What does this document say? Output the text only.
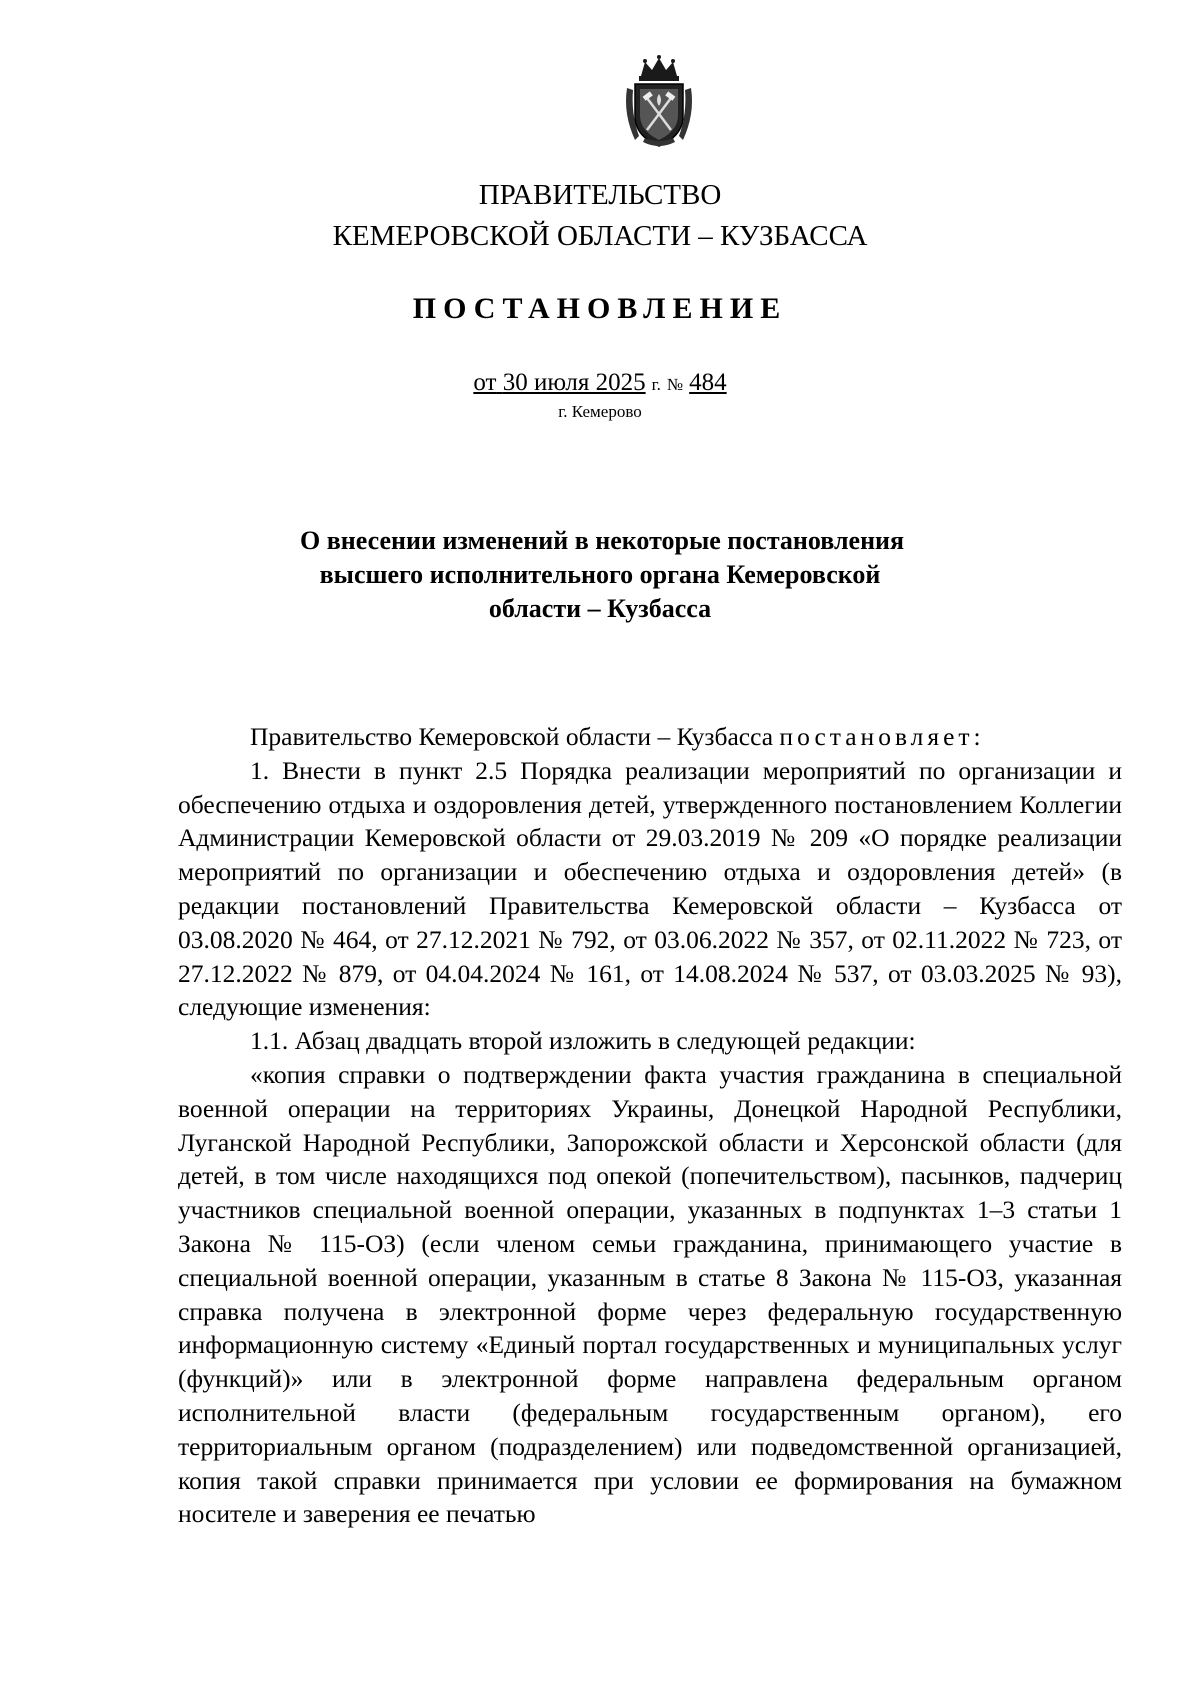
ПРАВИТЕЛЬСТВО
КЕМЕРОВСКОЙ ОБЛАСТИ – КУЗБАССА
ПОСТАНОВЛЕНИЕ
от 30 июля 2025 г. № 484
г. Кемерово
О внесении изменений в некоторые постановления
высшего исполнительного органа Кемеровской
области – Кузбасса

Правительство Кемеровской области – Кузбасса постановляет:

1. Внести в пункт 2.5 Порядка реализации мероприятий по организации и обеспечению отдыха и оздоровления детей, утвержденного постановлением Коллегии Администрации Кемеровской области от 29.03.2019 № 209 «О порядке реализации мероприятий по организации и обеспечению отдыха и оздоровления детей» (в редакции постановлений Правительства Кемеровской области – Кузбасса от 03.08.2020 № 464, от 27.12.2021 № 792, от 03.06.2022 № 357, от 02.11.2022 № 723, от 27.12.2022 № 879, от 04.04.2024 № 161, от 14.08.2024 № 537, от 03.03.2025 № 93), следующие изменения:

1.1. Абзац двадцать второй изложить в следующей редакции:

«копия справки о подтверждении факта участия гражданина в специальной военной операции на территориях Украины, Донецкой Народной Республики, Луганской Народной Республики, Запорожской области и Херсонской области (для детей, в том числе находящихся под опекой (попечительством), пасынков, падчериц участников специальной военной операции, указанных в подпунктах 1–3 статьи 1 Закона № 115-ОЗ) (если членом семьи гражданина, принимающего участие в специальной военной операции, указанным в статье 8 Закона № 115-ОЗ, указанная справка получена в электронной форме через федеральную государственную информационную систему «Единый портал государственных и муниципальных услуг (функций)» или в электронной форме направлена федеральным органом исполнительной власти (федеральным государственным органом), его территориальным органом (подразделением) или подведомственной организацией, копия такой справки принимается при условии ее формирования на бумажном носителе и заверения ее печатью
